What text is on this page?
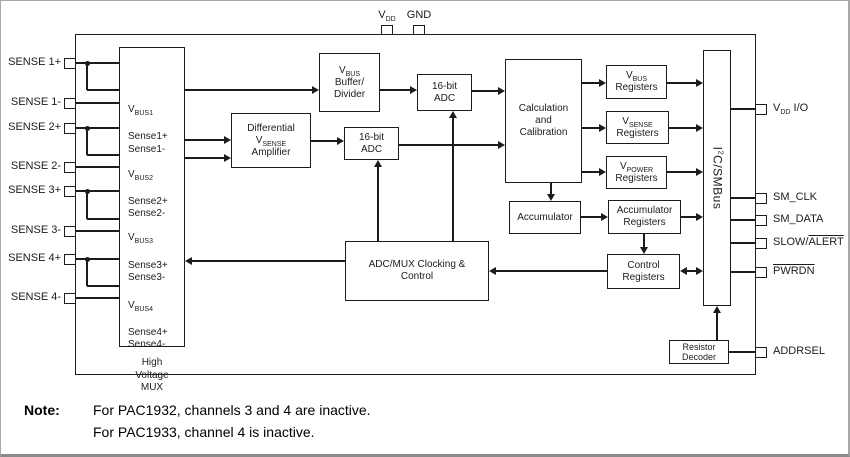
$V_{DD}$	GND
SENSE 1+
SENSE 1-
SENSE 2+
SENSE 2-
SENSE 3+
SENSE 3-
SENSE 4+
SENSE 4-
$V_{DD}$ I/O
SM_CLK
SM_DATA
SLOW/ALERT
PWRDN
ADDRSEL
$V_{BUS1}$
Sense1+
Sense1-
$V_{BUS2}$
Sense2+
Sense2-
$V_{BUS3}$
Sense3+
Sense3-
$V_{BUS4}$
Sense4+
Sense4-
High
Voltage
MUX
$V_{BUS}$
Buffer/
Divider
16-bit
ADC
Differential
$V_{SENSE}$
Amplifier
16-bit
ADC
Calculation
and
Calibration
$V_{BUS}$
Registers
$V_{SENSE}$
Registers
$V_{POWER}$
Registers
Accumulator
Accumulator
Registers
Control
Registers
ADC/MUX Clocking &
Control
$I^2C$/SMBus
Resistor
Decoder
Note:	For PAC1932, channels 3 and 4 are inactive.
For PAC1933, channel 4 is inactive.
